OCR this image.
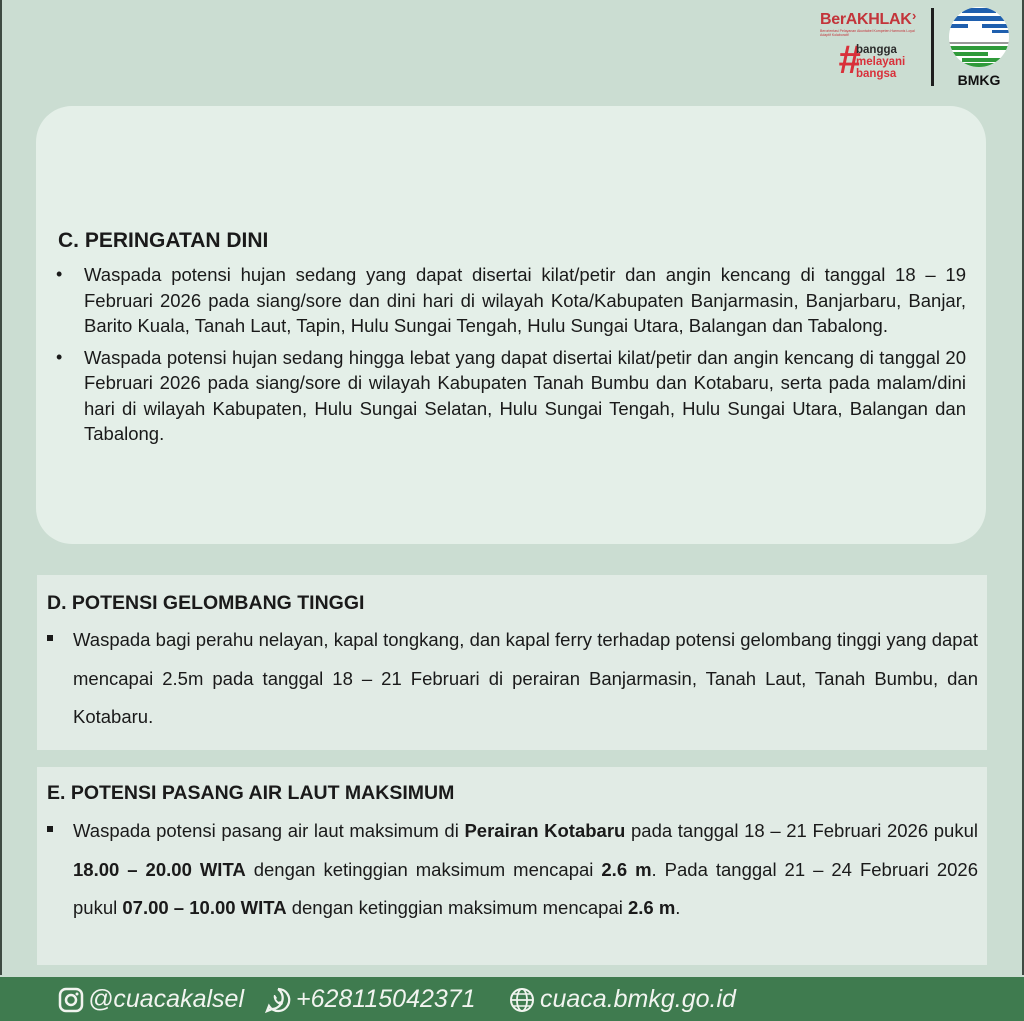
BerAKHLAK ›
Berorientasi Pelayanan Akuntabel Kompeten Harmonis Loyal Adaptif Kolaboratif
#
bangga
melayani
bangsa	BMKG
C. PERINGATAN DINI
• Waspada potensi hujan sedang yang dapat disertai kilat/petir dan angin kencang di tanggal 18 – 19 Februari 2026 pada siang/sore dan dini hari di wilayah Kota/Kabupaten Banjarmasin, Banjarbaru, Banjar, Barito Kuala, Tanah Laut, Tapin, Hulu Sungai Tengah, Hulu Sungai Utara, Balangan dan Tabalong.
• Waspada potensi hujan sedang hingga lebat yang dapat disertai kilat/petir dan angin kencang di tanggal 20 Februari 2026 pada siang/sore di wilayah Kabupaten Tanah Bumbu dan Kotabaru, serta pada malam/dini hari di wilayah Kabupaten, Hulu Sungai Selatan, Hulu Sungai Tengah, Hulu Sungai Utara, Balangan dan Tabalong.
D. POTENSI GELOMBANG TINGGI
Waspada bagi perahu nelayan, kapal tongkang, dan kapal ferry terhadap potensi gelombang tinggi yang dapat mencapai 2.5m pada tanggal 18 – 21 Februari di perairan Banjarmasin, Tanah Laut, Tanah Bumbu, dan Kotabaru.
E. POTENSI PASANG AIR LAUT MAKSIMUM
Waspada potensi pasang air laut maksimum di Perairan Kotabaru pada tanggal 18 – 21 Februari 2026 pukul 18.00 – 20.00 WITA dengan ketinggian maksimum mencapai 2.6 m. Pada tanggal 21 – 24 Februari 2026 pukul 07.00 – 10.00 WITA dengan ketinggian maksimum mencapai 2.6 m.
@cuacakalsel	+628115042371	cuaca.bmkg.go.id
